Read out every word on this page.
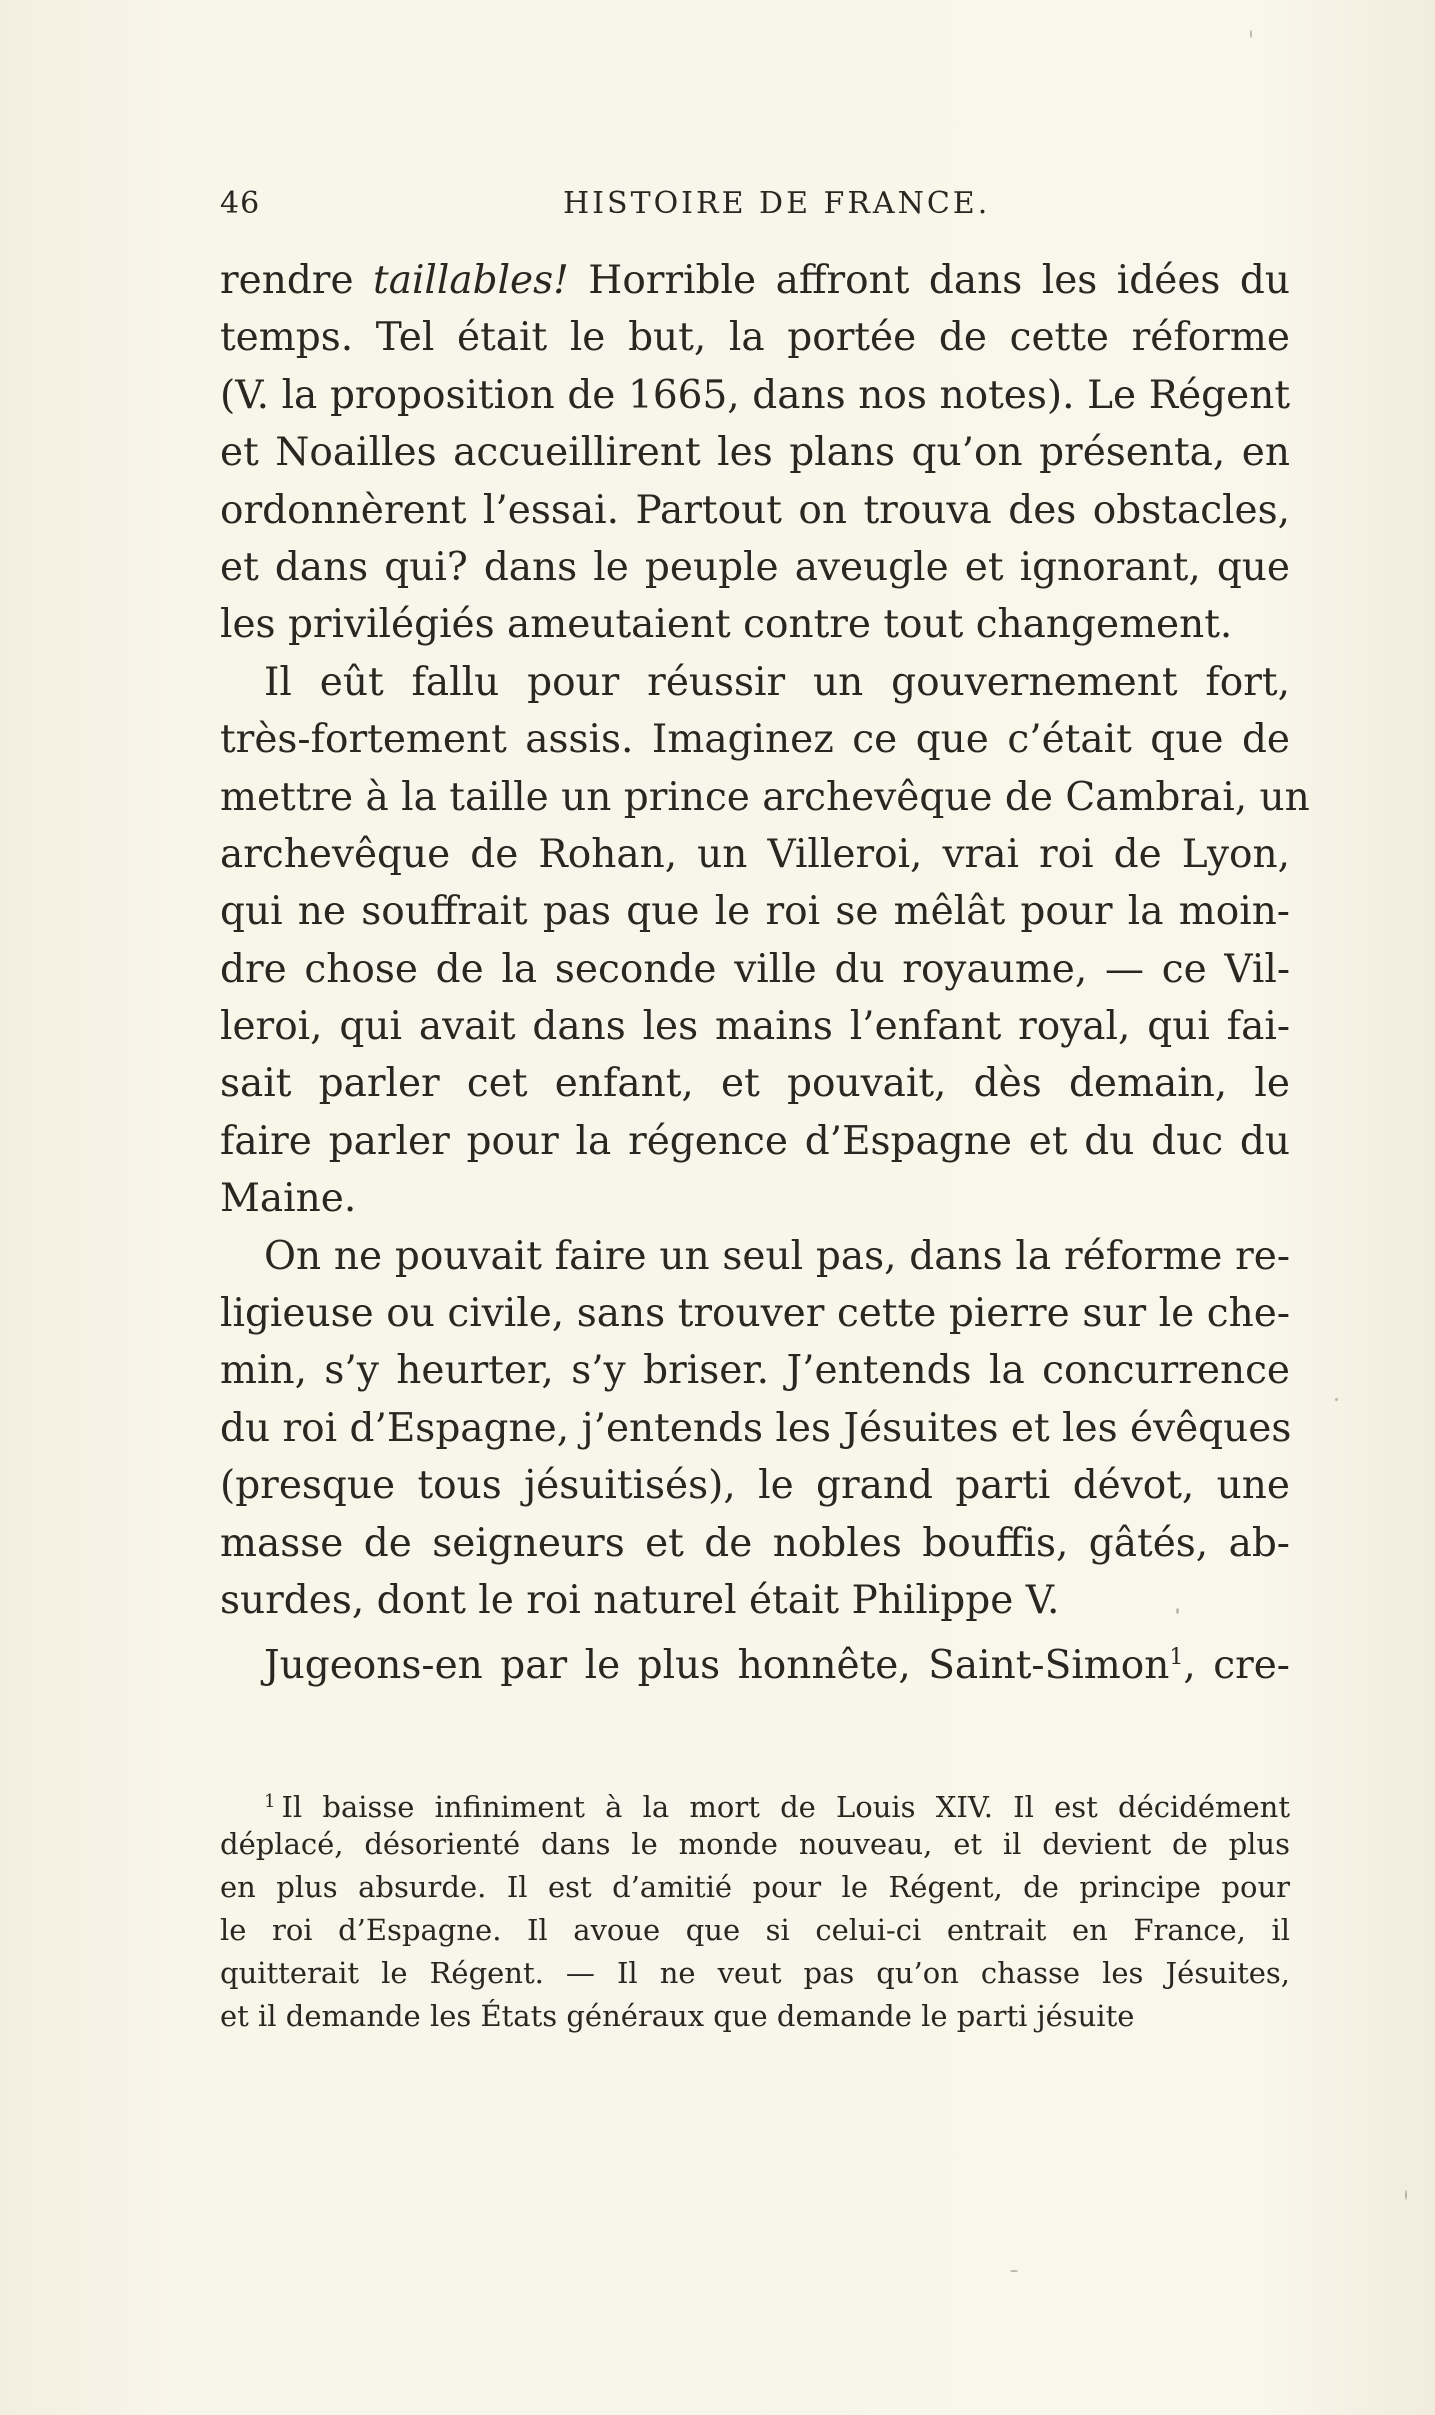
46	HISTOIRE DE FRANCE.
rendre taillables! Horrible affront dans les idées du
temps. Tel était le but, la portée de cette réforme
(V. la proposition de 1665, dans nos notes). Le Régent
et Noailles accueillirent les plans qu’on présenta, en
ordonnèrent l’essai. Partout on trouva des obstacles,
et dans qui? dans le peuple aveugle et ignorant, que
les privilégiés ameutaient contre tout changement.
Il eût fallu pour réussir un gouvernement fort,
très-fortement assis. Imaginez ce que c’était que de
mettre à la taille un prince archevêque de Cambrai, un
archevêque de Rohan, un Villeroi, vrai roi de Lyon,
qui ne souffrait pas que le roi se mêlât pour la moin-
dre chose de la seconde ville du royaume, — ce Vil-
leroi, qui avait dans les mains l’enfant royal, qui fai-
sait parler cet enfant, et pouvait, dès demain, le
faire parler pour la régence d’Espagne et du duc du
Maine.
On ne pouvait faire un seul pas, dans la réforme re-
ligieuse ou civile, sans trouver cette pierre sur le che-
min, s’y heurter, s’y briser. J’entends la concurrence
du roi d’Espagne, j’entends les Jésuites et les évêques
(presque tous jésuitisés), le grand parti dévot, une
masse de seigneurs et de nobles bouffis, gâtés, ab-
surdes, dont le roi naturel était Philippe V.
Jugeons-en par le plus honnête, Saint-Simon$^1$, cre-
$^1$ Il baisse infiniment à la mort de Louis XIV. Il est décidément
déplacé, désorienté dans le monde nouveau, et il devient de plus
en plus absurde. Il est d’amitié pour le Régent, de principe pour
le roi d’Espagne. Il avoue que si celui-ci entrait en France, il
quitterait le Régent. — Il ne veut pas qu’on chasse les Jésuites,
et il demande les États généraux que demande le parti jésuite
